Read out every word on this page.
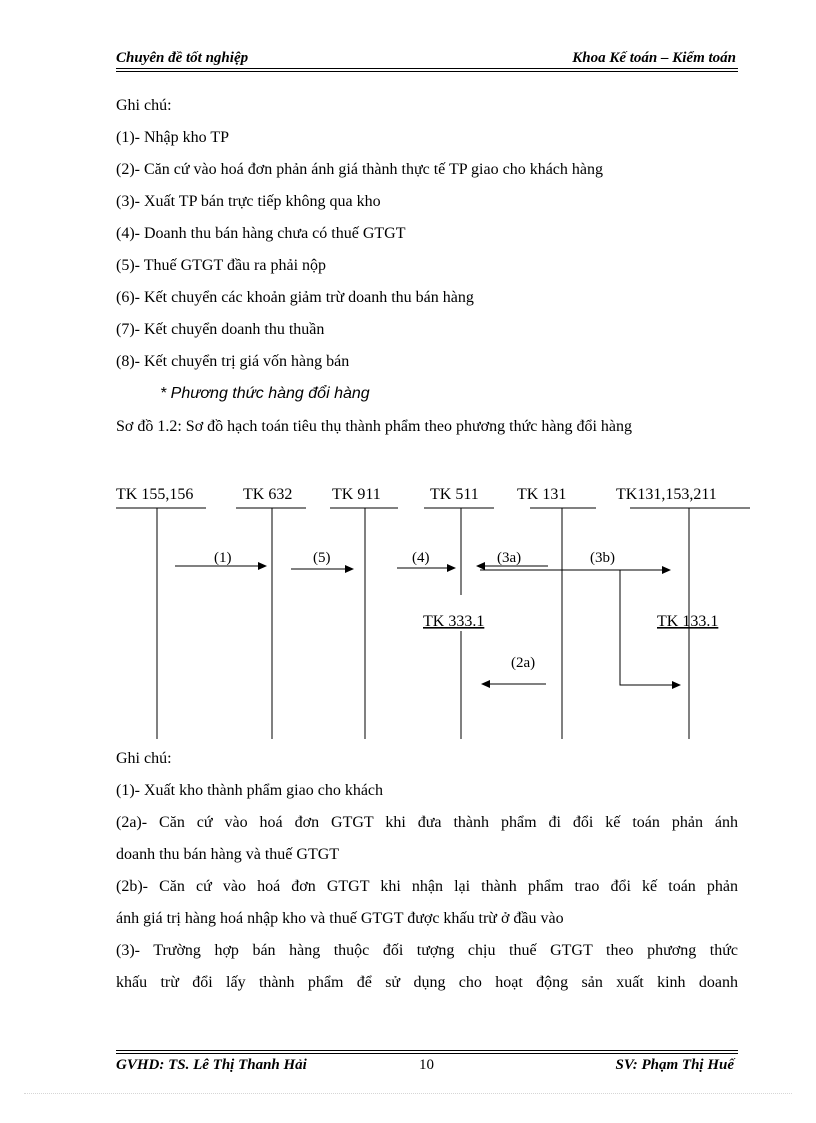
Chuyên đề tốt nghiệp	Khoa Kế toán – Kiểm toán
Ghi chú:
(1)- Nhập kho TP
(2)- Căn cứ vào hoá đơn phản ánh giá thành thực tế TP giao cho khách hàng
(3)- Xuất TP bán trực tiếp không qua kho
(4)- Doanh thu bán hàng chưa có thuế GTGT
(5)- Thuế GTGT đầu ra phải nộp
(6)- Kết chuyển các khoản giảm trừ doanh thu bán hàng
(7)- Kết chuyển doanh thu thuần
(8)- Kết chuyển trị giá vốn hàng bán
* Phương thức hàng đổi hàng
Sơ đồ 1.2: Sơ đồ hạch toán tiêu thụ thành phẩm theo phương thức hàng đổi hàng
TK 155,156	TK 632 TK 911	TK 511 TK 131	TK131,153,211
(1)	(5)	(4)	(3a)	(3b)
(2a)
TK 333.1	TK 133.1
Ghi chú:
(1)- Xuất kho thành phẩm giao cho khách
(2a)- Căn cứ vào hoá đơn GTGT khi đưa thành phẩm đi đổi kế toán phản ánh
doanh thu bán hàng và thuế GTGT
(2b)- Căn cứ vào hoá đơn GTGT khi nhận lại thành phẩm trao đổi kế toán phản
ánh giá trị hàng hoá nhập kho và thuế GTGT được khấu trừ ở đầu vào
(3)- Trường hợp bán hàng thuộc đối tượng chịu thuế GTGT theo phương thức
khấu trừ đổi lấy thành phẩm để sử dụng cho hoạt động sản xuất kinh doanh
GVHD: TS. Lê Thị Thanh Hải	10	SV: Phạm Thị Huế
